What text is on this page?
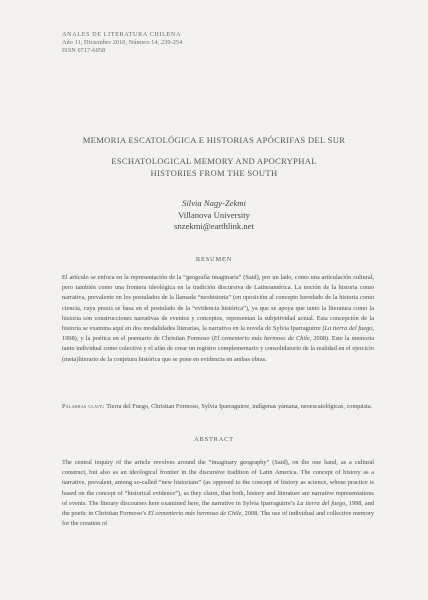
ANALES DE LITERATURA CHILENA
Año 11, Diciembre 2010, Número 14, 239-254
ISSN 0717-6058
MEMORIA ESCATOLÓGICA E HISTORIAS APÓCRIFAS DEL SUR
ESCHATOLOGICAL MEMORY AND APOCRYPHAL
HISTORIES FROM THE SOUTH
Silvia Nagy-Zekmi
Villanova University
snzekmi@earthlink.net
RESUMEN

El artículo se enfoca en la representación de la “geografía imaginaria” (Said), por un lado, como una articulación cultural, pero también como una frontera ideológica en la tradición discursiva de Latinoamérica. La noción de la historia como narrativa, prevalente en los postulados de la llamada “neohistoria” (en oposición al concepto heredado de la historia como ciencia, cuya praxis se basa en el postulado de la “evidencia histórica”), ya que se apoya que tanto la literatura como la historia son construcciones narrativas de eventos y conceptos, representan la subjetividad actual. Esta concepción de la historia se examina aquí en dos modalidades literarias, la narrativa en la novela de Sylvia Iparraguirre (La tierra del fuego, 1998), y la poética en el poemario de Christian Formoso (El cementerio más hermoso de Chile, 2008). Este la memoria tanto individual como colectiva y el afán de crear un registro complementario y consolidatorio de la realidad en el ejercicio (meta)literario de la conjetura histórica que se pone en evidencia en ambas obras.

Palabras clave: Tierra del Fuego, Christian Formoso, Sylvia Iparraguirre, indígenas yámana, neoescatológicas, conquista.

ABSTRACT

The central inquiry of the article revolves around the “imaginary geography” (Said), on the one hand, as a cultural construct, but also as an ideological frontier in the discursive tradition of Latin America. The concept of history as a narrative, prevalent, among so-called “new historians” (as opposed to the concept of history as science, whose practice is based on the concept of “historical evidence”), as they claim, that both, history and literature are narrative representations of events. The literary discourses here examined here, the narrative in Sylvia Iparraguirre’s La tierra del fuego, 1998, and the poetic in Christian Formoso’s El cementerio más hermoso de Chile, 2008. The use of individual and collective memory for the creation of
